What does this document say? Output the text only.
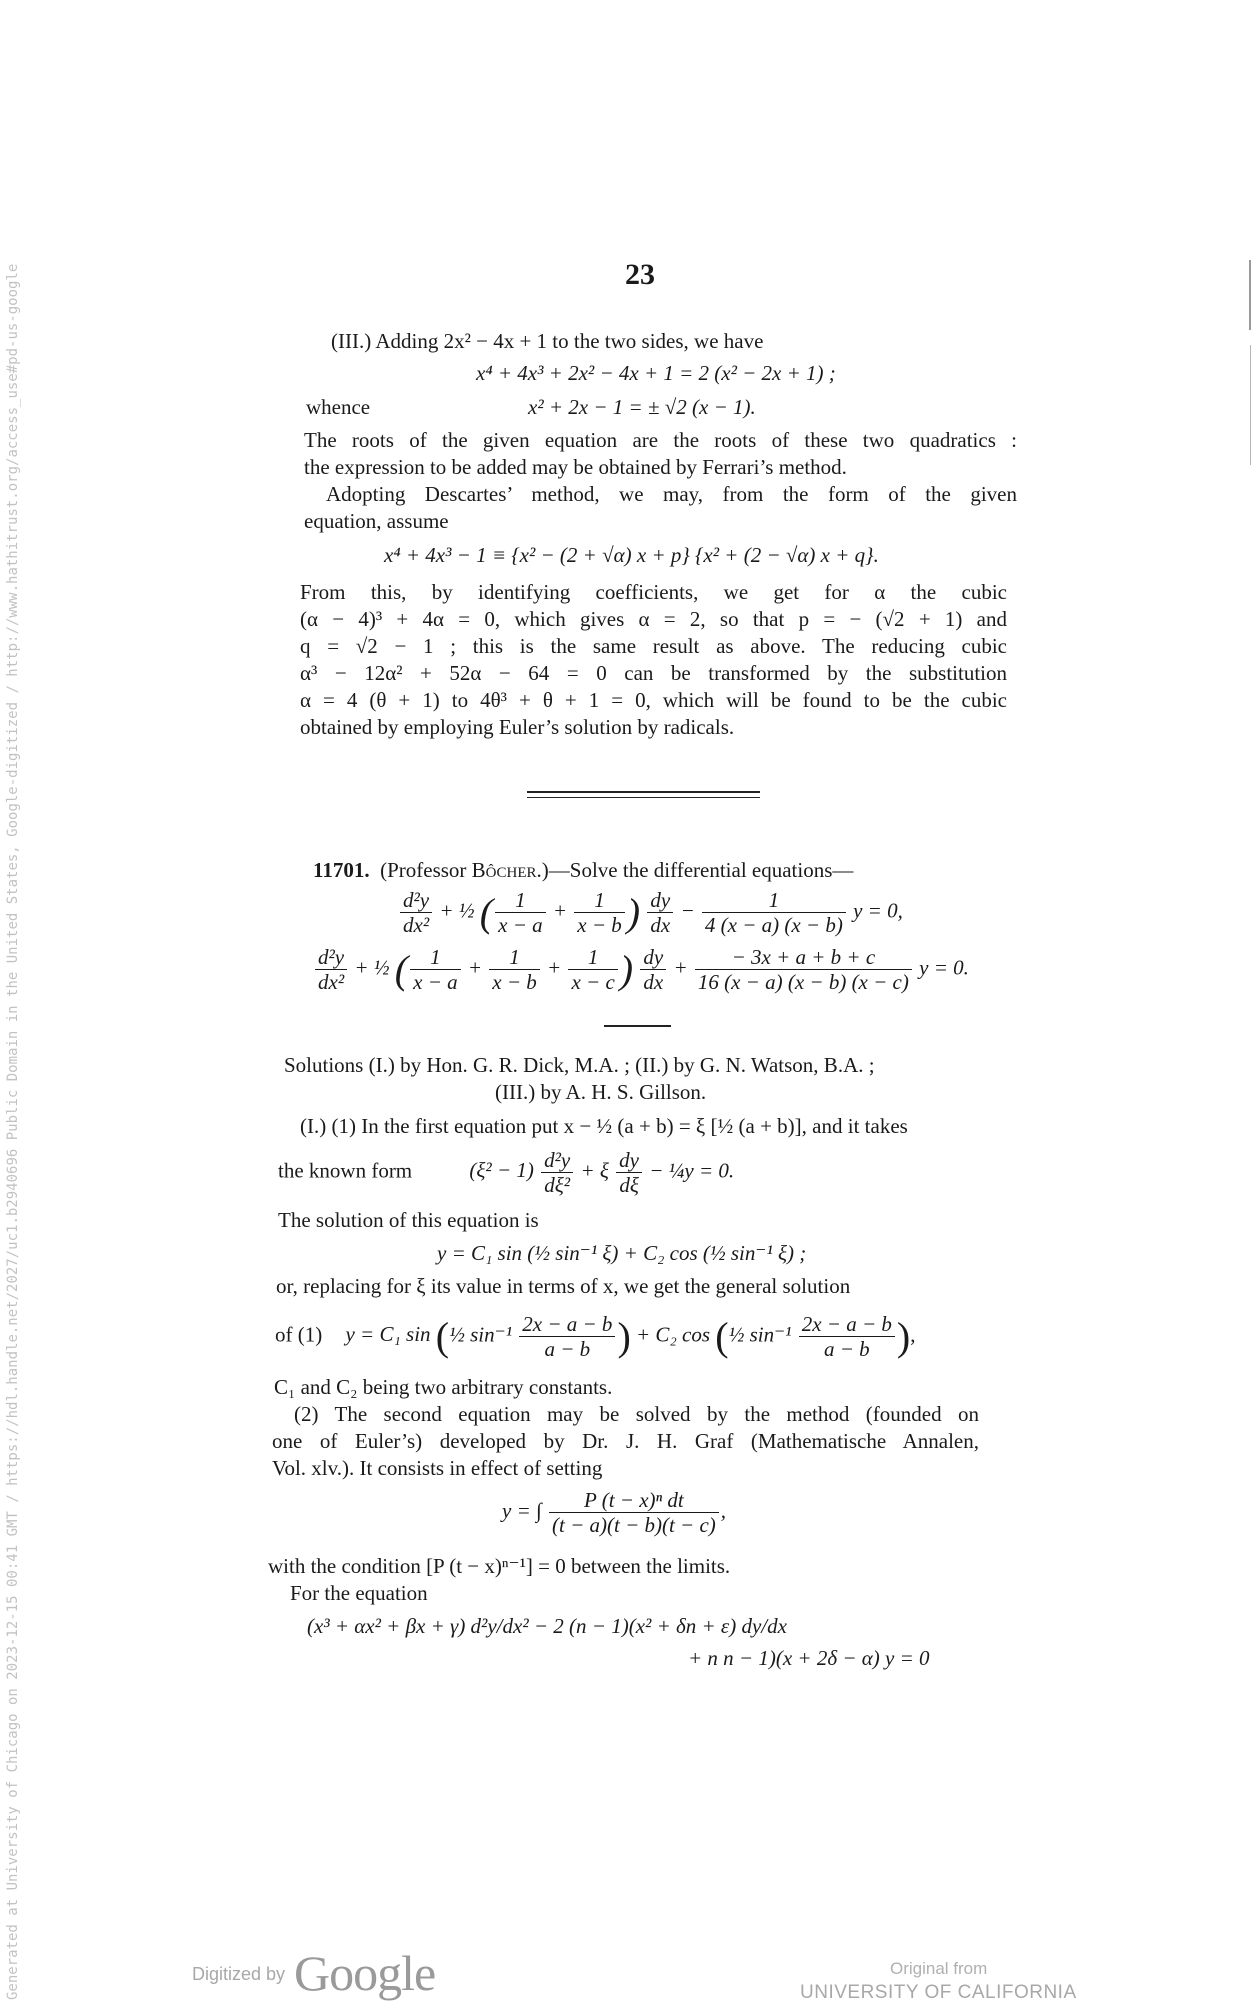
Generated at University of Chicago on 2023-12-15 00:41 GMT / https://hdl.handle.net/2027/uc1.b2940696 Public Domain in the United States, Google-digitized / http://www.hathitrust.org/access_use#pd-us-google	23
(III.) Adding 2x² − 4x + 1 to the two sides, we have
x⁴ + 4x³ + 2x² − 4x + 1 = 2 (x² − 2x + 1) ;
whence	x² + 2x − 1 = ± √2 (x − 1).
The roots of the given equation are the roots of these two quadratics :
the expression to be added may be obtained by Ferrari’s method.
Adopting Descartes’ method, we may, from the form of the given
equation, assume
x⁴ + 4x³ − 1 ≡ {x² − (2 + √α) x + p} {x² + (2 − √α) x + q}.
From this, by identifying coefficients, we get for α the cubic
(α − 4)³ + 4α = 0, which gives α = 2, so that p = − (√2 + 1) and
q = √2 − 1 ; this is the same result as above. The reducing cubic
α³ − 12α² + 52α − 64 = 0 can be transformed by the substitution
α = 4 (θ + 1) to 4θ³ + θ + 1 = 0, which will be found to be the cubic
obtained by employing Euler’s solution by radicals.
11701. (Professor Bôcher.)—Solve the differential equations—
$\frac{\text{d²y}}{\text{dx²}}$ + ½ ( $\frac{1}{x - a} + \frac{1}{x - b}$ ) $\frac{dy}{dx} - \frac{1}{4 (x - a) (x - b)}$ y = 0,
$\frac{\text{d²y}}{\text{dx²}}$ + ½ ( $\frac{1}{x - a} + \frac{1}{x - b} + \frac{1}{x - c}$ ) $\frac{dy}{dx} + \frac{- 3x + a + b + c}{16 (x - a) (x - b) (x - c)}$ y = 0.
Solutions (I.) by Hon. G. R. Dick, M.A. ; (II.) by G. N. Watson, B.A. ;
(III.) by A. H. S. Gillson.
(I.) (1) In the first equation put x − ½ (a + b) = ξ [½ (a + b)], and it takes
the known form	$(\xi^2 - 1) \frac{\text{d²y}}{\text{dξ²}} + \xi \frac{dy}{d\xi}$ − ¼y = 0.
The solution of this equation is
y = C₁ sin (½ sin⁻¹ ξ) + C₂ cos (½ sin⁻¹ ξ) ;
or, replacing for ξ its value in terms of x, we get the general solution
of (1) y = C₁ sin (½ $\sin^{-1} \frac{2x - a - b}{a - b}$ ) + C₂ cos (½ $\sin^{-1} \frac{2x - a - b}{a - b}$ ),
C₁ and C₂ being two arbitrary constants.
(2) The second equation may be solved by the method (founded on
one of Euler’s) developed by Dr. J. H. Graf (Mathematische Annalen,
Vol. xlv.). It consists in effect of setting
y = ∫ $\frac{\text{P (t − x)ⁿ dt}}{(t - a)(t - b)(t - c)}$ ,
with the condition [P (t − x)ⁿ⁻¹] = 0 between the limits.
For the equation
(x³ + αx² + βx + γ) d²y/dx² − 2 (n − 1)(x² + δn + ε) dy/dx
+ n n − 1)(x + 2δ − α) y = 0
Digitized by Google	Original from
UNIVERSITY OF CALIFORNIA
